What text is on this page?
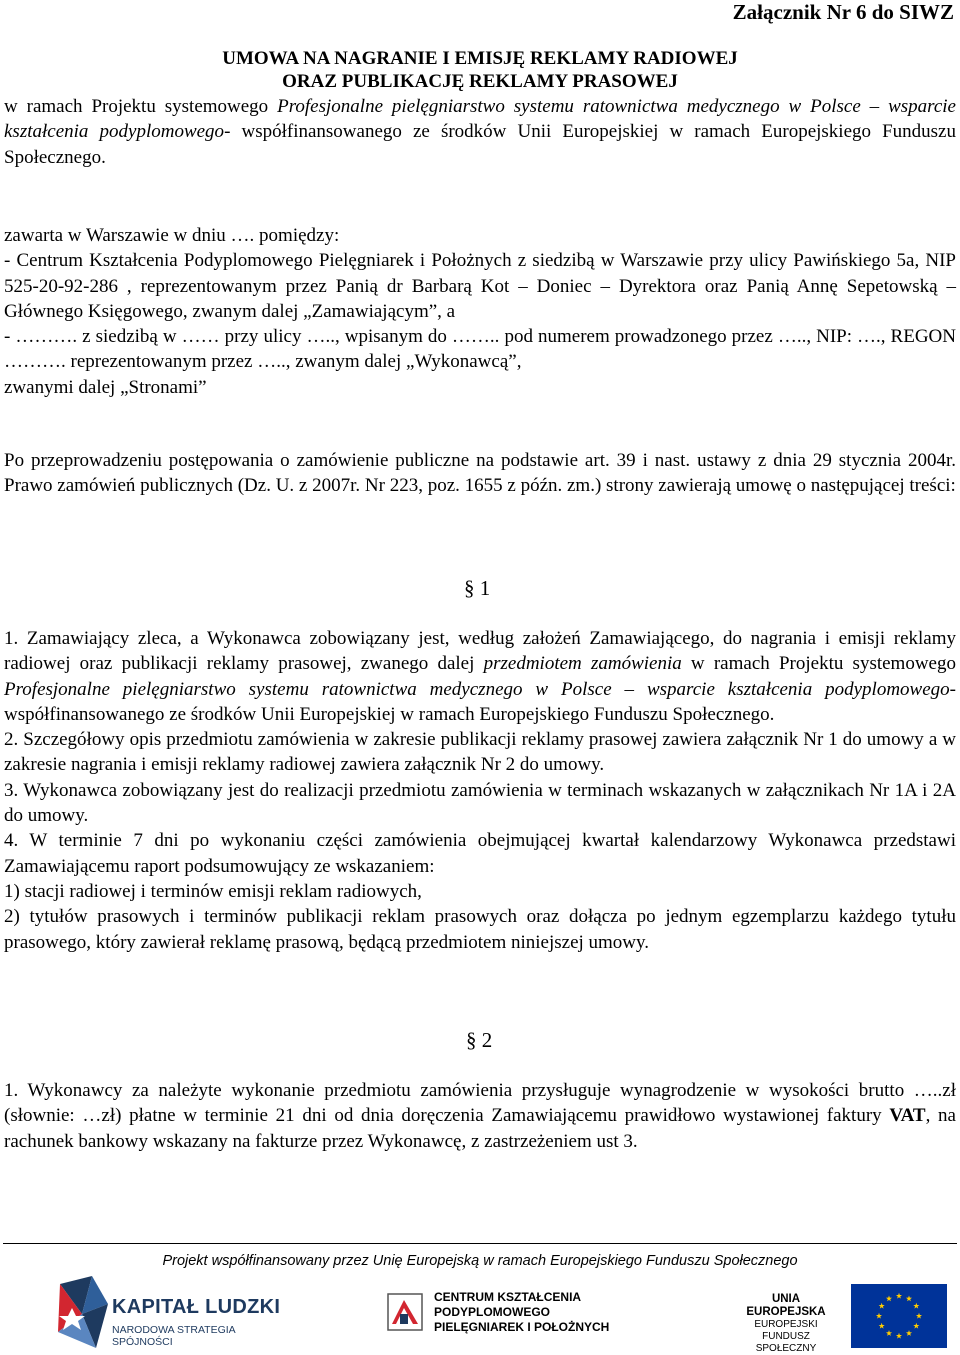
Załącznik Nr 6 do SIWZ
UMOWA NA NAGRANIE I EMISJĘ REKLAMY RADIOWEJ
ORAZ PUBLIKACJĘ REKLAMY PRASOWEJ
w ramach Projektu systemowego Profesjonalne pielęgniarstwo systemu ratownictwa medycznego w Polsce – wsparcie kształcenia podyplomowego- współfinansowanego ze środków Unii Europejskiej w ramach Europejskiego Funduszu Społecznego.
zawarta w Warszawie w dniu …. pomiędzy:
- Centrum Kształcenia Podyplomowego Pielęgniarek i Położnych z siedzibą w Warszawie przy ulicy Pawińskiego 5a, NIP 525-20-92-286 , reprezentowanym przez Panią dr Barbarą Kot – Doniec – Dyrektora oraz Panią Annę Sepetowską – Głównego Księgowego, zwanym dalej „Zamawiającym”, a
- ………. z siedzibą w …… przy ulicy ….., wpisanym do …….. pod numerem prowadzonego przez ….., NIP: …., REGON ………. reprezentowanym przez ….., zwanym dalej „Wykonawcą”,
zwanymi dalej „Stronami”
Po przeprowadzeniu postępowania o zamówienie publiczne na podstawie art. 39 i nast. ustawy z dnia 29 stycznia 2004r. Prawo zamówień publicznych (Dz. U. z 2007r. Nr 223, poz. 1655 z późn. zm.) strony zawierają umowę o następującej treści:
§ 1
1. Zamawiający zleca, a Wykonawca zobowiązany jest, według założeń Zamawiającego, do nagrania i emisji reklamy radiowej oraz publikacji reklamy prasowej, zwanego dalej przedmiotem zamówienia w ramach Projektu systemowego Profesjonalne pielęgniarstwo systemu ratownictwa medycznego w Polsce – wsparcie kształcenia podyplomowego- współfinansowanego ze środków Unii Europejskiej w ramach Europejskiego Funduszu Społecznego.
2. Szczegółowy opis przedmiotu zamówienia w zakresie publikacji reklamy prasowej zawiera załącznik Nr 1 do umowy a w zakresie nagrania i emisji reklamy radiowej zawiera załącznik Nr 2 do umowy.
3. Wykonawca zobowiązany jest do realizacji przedmiotu zamówienia w terminach wskazanych w załącznikach Nr 1A i 2A do umowy.
4. W terminie 7 dni po wykonaniu części zamówienia obejmującej kwartał kalendarzowy Wykonawca przedstawi Zamawiającemu raport podsumowujący ze wskazaniem:
1) stacji radiowej i terminów emisji reklam radiowych,
2) tytułów prasowych i terminów publikacji reklam prasowych oraz dołącza po jednym egzemplarzu każdego tytułu prasowego, który zawierał reklamę prasową, będącą przedmiotem niniejszej umowy.
§ 2
1. Wykonawcy za należyte wykonanie przedmiotu zamówienia przysługuje wynagrodzenie w wysokości brutto …..zł (słownie: …zł) płatne w terminie 21 dni od dnia doręczenia Zamawiającemu prawidłowo wystawionej faktury VAT, na rachunek bankowy wskazany na fakturze przez Wykonawcę, z zastrzeżeniem ust 3.
Projekt współfinansowany przez Unię Europejską w ramach Europejskiego Funduszu Społecznego
KAPITAŁ LUDZKI
NARODOWA STRATEGIA SPÓJNOŚCI
CENTRUM KSZTAŁCENIA
PODYPLOMOWEGO
PIELĘGNIAREK I POŁOŻNYCH
UNIA EUROPEJSKA
EUROPEJSKI
FUNDUSZ SPOŁECZNY
